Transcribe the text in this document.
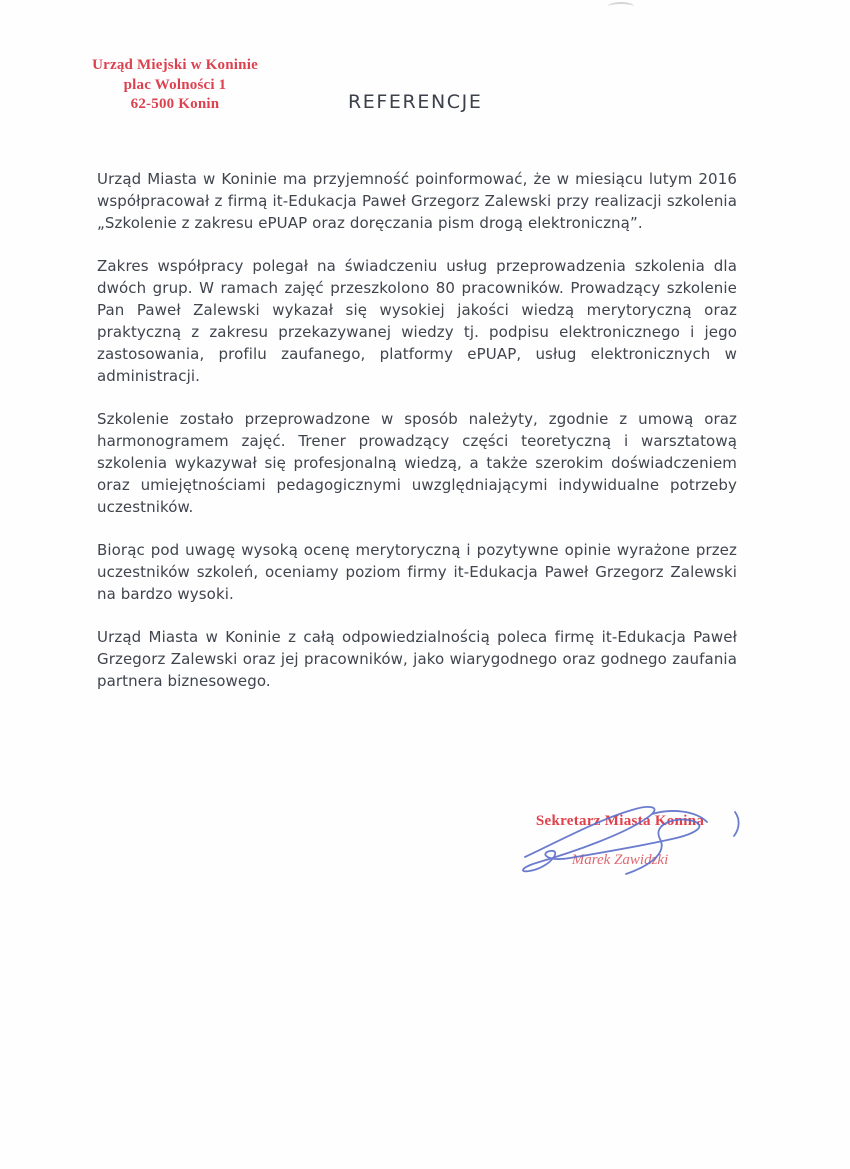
Urząd Miejski w Koninie
plac Wolności 1
62-500 Konin	REFERENCJE

Urząd Miasta w Koninie ma przyjemność poinformować, że w miesiącu lutym 2016 współpracował z firmą it-Edukacja Paweł Grzegorz Zalewski przy realizacji szkolenia „Szkolenie z zakresu ePUAP oraz doręczania pism drogą elektroniczną”.

Zakres współpracy polegał na świadczeniu usług przeprowadzenia szkolenia dla dwóch grup. W ramach zajęć przeszkolono 80 pracowników. Prowadzący szkolenie Pan Paweł Zalewski wykazał się wysokiej jakości wiedzą merytoryczną oraz praktyczną z zakresu przekazywanej wiedzy tj. podpisu elektronicznego i jego zastosowania, profilu zaufanego, platformy ePUAP, usług elektronicznych w administracji.

Szkolenie zostało przeprowadzone w sposób należyty, zgodnie z umową oraz harmonogramem zajęć. Trener prowadzący części teoretyczną i warsztatową szkolenia wykazywał się profesjonalną wiedzą, a także szerokim doświadczeniem oraz umiejętnościami pedagogicznymi uwzględniającymi indywidualne potrzeby uczestników.

Biorąc pod uwagę wysoką ocenę merytoryczną i pozytywne opinie wyrażone przez uczestników szkoleń, oceniamy poziom firmy it-Edukacja Paweł Grzegorz Zalewski na bardzo wysoki.

Urząd Miasta w Koninie z całą odpowiedzialnością poleca firmę it-Edukacja Paweł Grzegorz Zalewski oraz jej pracowników, jako wiarygodnego oraz godnego zaufania partnera biznesowego.

Sekretarz Miasta Konina
Marek Zawidzki
